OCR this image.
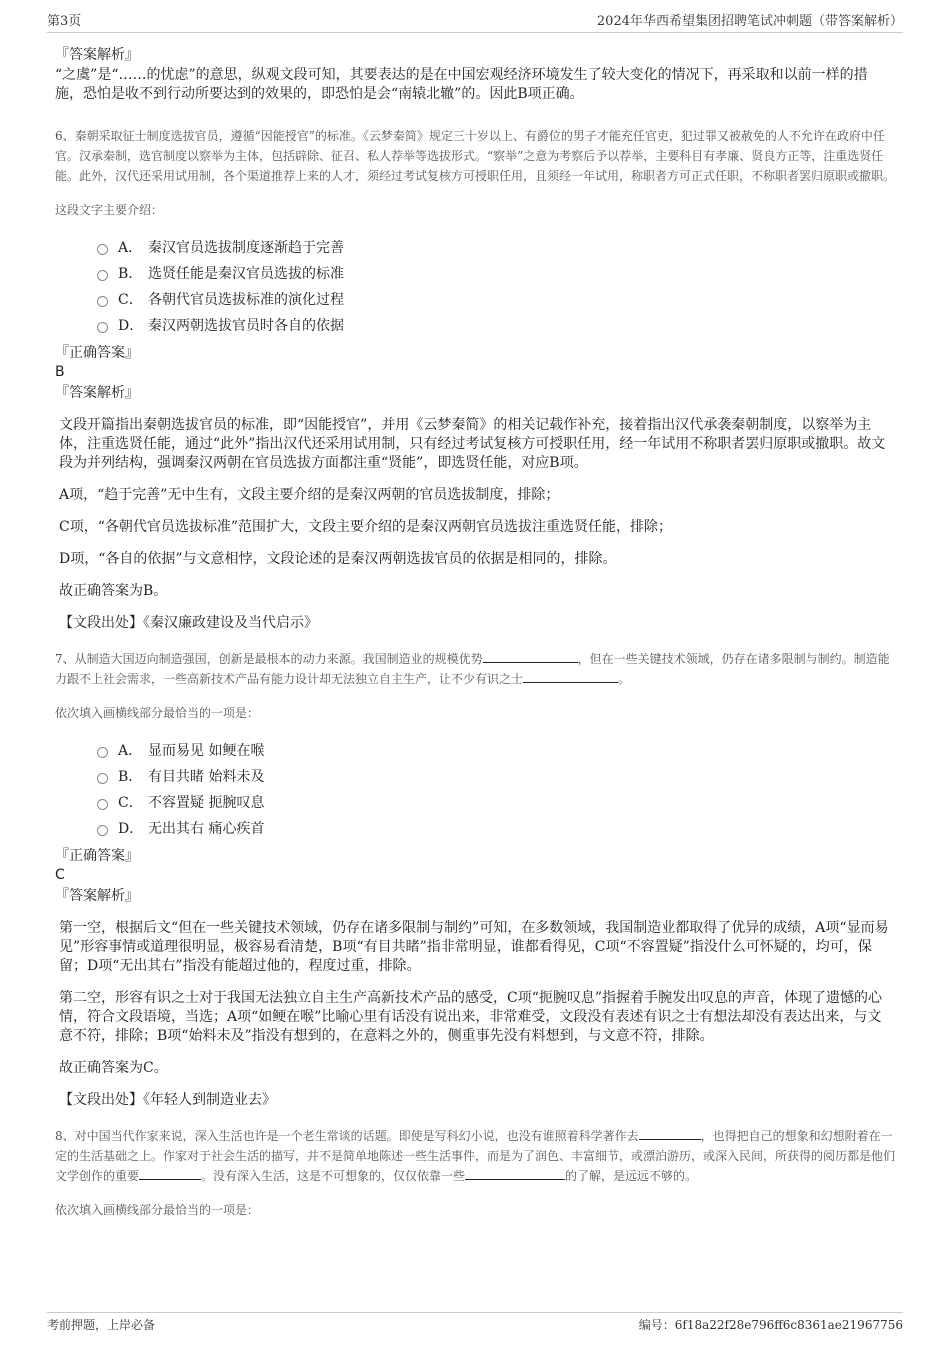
第3页	2024年华西希望集团招聘笔试冲刺题（带答案解析）
『答案解析』
“之虞”是“……的忧虑”的意思，纵观文段可知，其要表达的是在中国宏观经济环境发生了较大变化的情况下，再采取和以前一样的措施，恐怕是收不到行动所要达到的效果的，即恐怕是会“南辕北辙”的。因此B项正确。
6、秦朝采取征士制度选拔官员，遵循“因能授官”的标准。《云梦秦简》规定三十岁以上、有爵位的男子才能充任官吏，犯过罪又被赦免的人不允许在政府中任官。汉承秦制，选官制度以察举为主体，包括辟除、征召、私人荐举等选拔形式。“察举”之意为考察后予以荐举，主要科目有孝廉、贤良方正等，注重选贤任能。此外，汉代还采用试用制，各个渠道推荐上来的人才，须经过考试复核方可授职任用，且须经一年试用，称职者方可正式任职，不称职者罢归原职或撤职。
这段文字主要介绍：
A． 秦汉官员选拔制度逐渐趋于完善
B． 选贤任能是秦汉官员选拔的标准
C． 各朝代官员选拔标准的演化过程
D． 秦汉两朝选拔官员时各自的依据
『正确答案』
B
『答案解析』
文段开篇指出秦朝选拔官员的标准，即“因能授官”，并用《云梦秦简》的相关记载作补充，接着指出汉代承袭秦朝制度，以察举为主体，注重选贤任能，通过“此外”指出汉代还采用试用制，只有经过考试复核方可授职任用，经一年试用不称职者罢归原职或撤职。故文段为并列结构，强调秦汉两朝在官员选拔方面都注重“贤能”，即选贤任能，对应B项。
A项，“趋于完善”无中生有，文段主要介绍的是秦汉两朝的官员选拔制度，排除；
C项，“各朝代官员选拔标准”范围扩大，文段主要介绍的是秦汉两朝官员选拔注重选贤任能，排除；
D项，“各自的依据”与文意相悖，文段论述的是秦汉两朝选拔官员的依据是相同的，排除。
故正确答案为B。
【文段出处】《秦汉廉政建设及当代启示》
7、从制造大国迈向制造强国，创新是最根本的动力来源。我国制造业的规模优势	，但在一些关键技术领域，仍存在诸多限制与制约。制造能力跟不上社会需求，一些高新技术产品有能力设计却无法独立自主生产，让不少有识之士	。
依次填入画横线部分最恰当的一项是：
A． 显而易见 如鲠在喉
B． 有目共睹 始料未及
C． 不容置疑 扼腕叹息
D． 无出其右 痛心疾首
『正确答案』
C
『答案解析』
第一空，根据后文“但在一些关键技术领域，仍存在诸多限制与制约”可知，在多数领域，我国制造业都取得了优异的成绩，A项“显而易见”形容事情或道理很明显，极容易看清楚，B项“有目共睹”指非常明显，谁都看得见，C项“不容置疑”指没什么可怀疑的，均可，保留；D项“无出其右”指没有能超过他的，程度过重，排除。
第二空，形容有识之士对于我国无法独立自主生产高新技术产品的感受，C项“扼腕叹息”指握着手腕发出叹息的声音，体现了遗憾的心情，符合文段语境，当选；A项“如鲠在喉”比喻心里有话没有说出来，非常难受，文段没有表述有识之士有想法却没有表达出来，与文意不符，排除；B项“始料未及”指没有想到的，在意料之外的，侧重事先没有料想到，与文意不符，排除。
故正确答案为C。
【文段出处】《年轻人到制造业去》
8、对中国当代作家来说，深入生活也许是一个老生常谈的话题。即使是写科幻小说，也没有谁照着科学著作去	，也得把自己的想象和幻想附着在一定的生活基础之上。作家对于社会生活的描写，并不是简单地陈述一些生活事件，而是为了润色、丰富细节，或漂泊游历，或深入民间，所获得的阅历都是他们文学创作的重要	。没有深入生活，这是不可想象的，仅仅依靠一些	的了解，是远远不够的。
依次填入画横线部分最恰当的一项是：
考前押题，上岸必备	编号：6f18a22f28e796ff6c8361ae21967756
